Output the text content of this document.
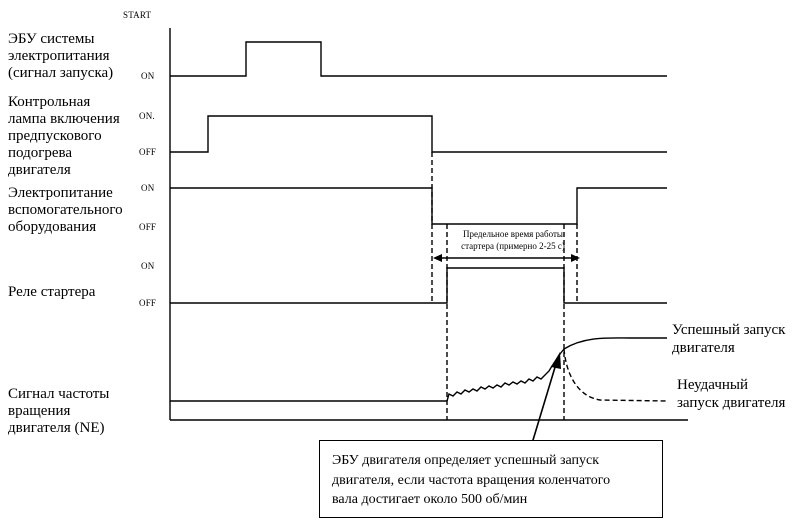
START
ЭБУ системы
электропитания
(сигнал запуска)	ON
Контрольная
лампа включения
предпускового
подогрева
двигателя
ON.
OFF
Электропитание
вспомогательного
оборудования
ON
OFF
Реле стартера
ON
OFF
Сигнал частоты
вращения
двигателя (NE)
Предельное время работы
стартера (примерно 2-25 с)
Успешный запуск
двигателя
Неудачный
запуск двигателя
ЭБУ двигателя определяет успешный запуск
двигателя, если частота вращения коленчатого
вала достигает около 500 об/мин
